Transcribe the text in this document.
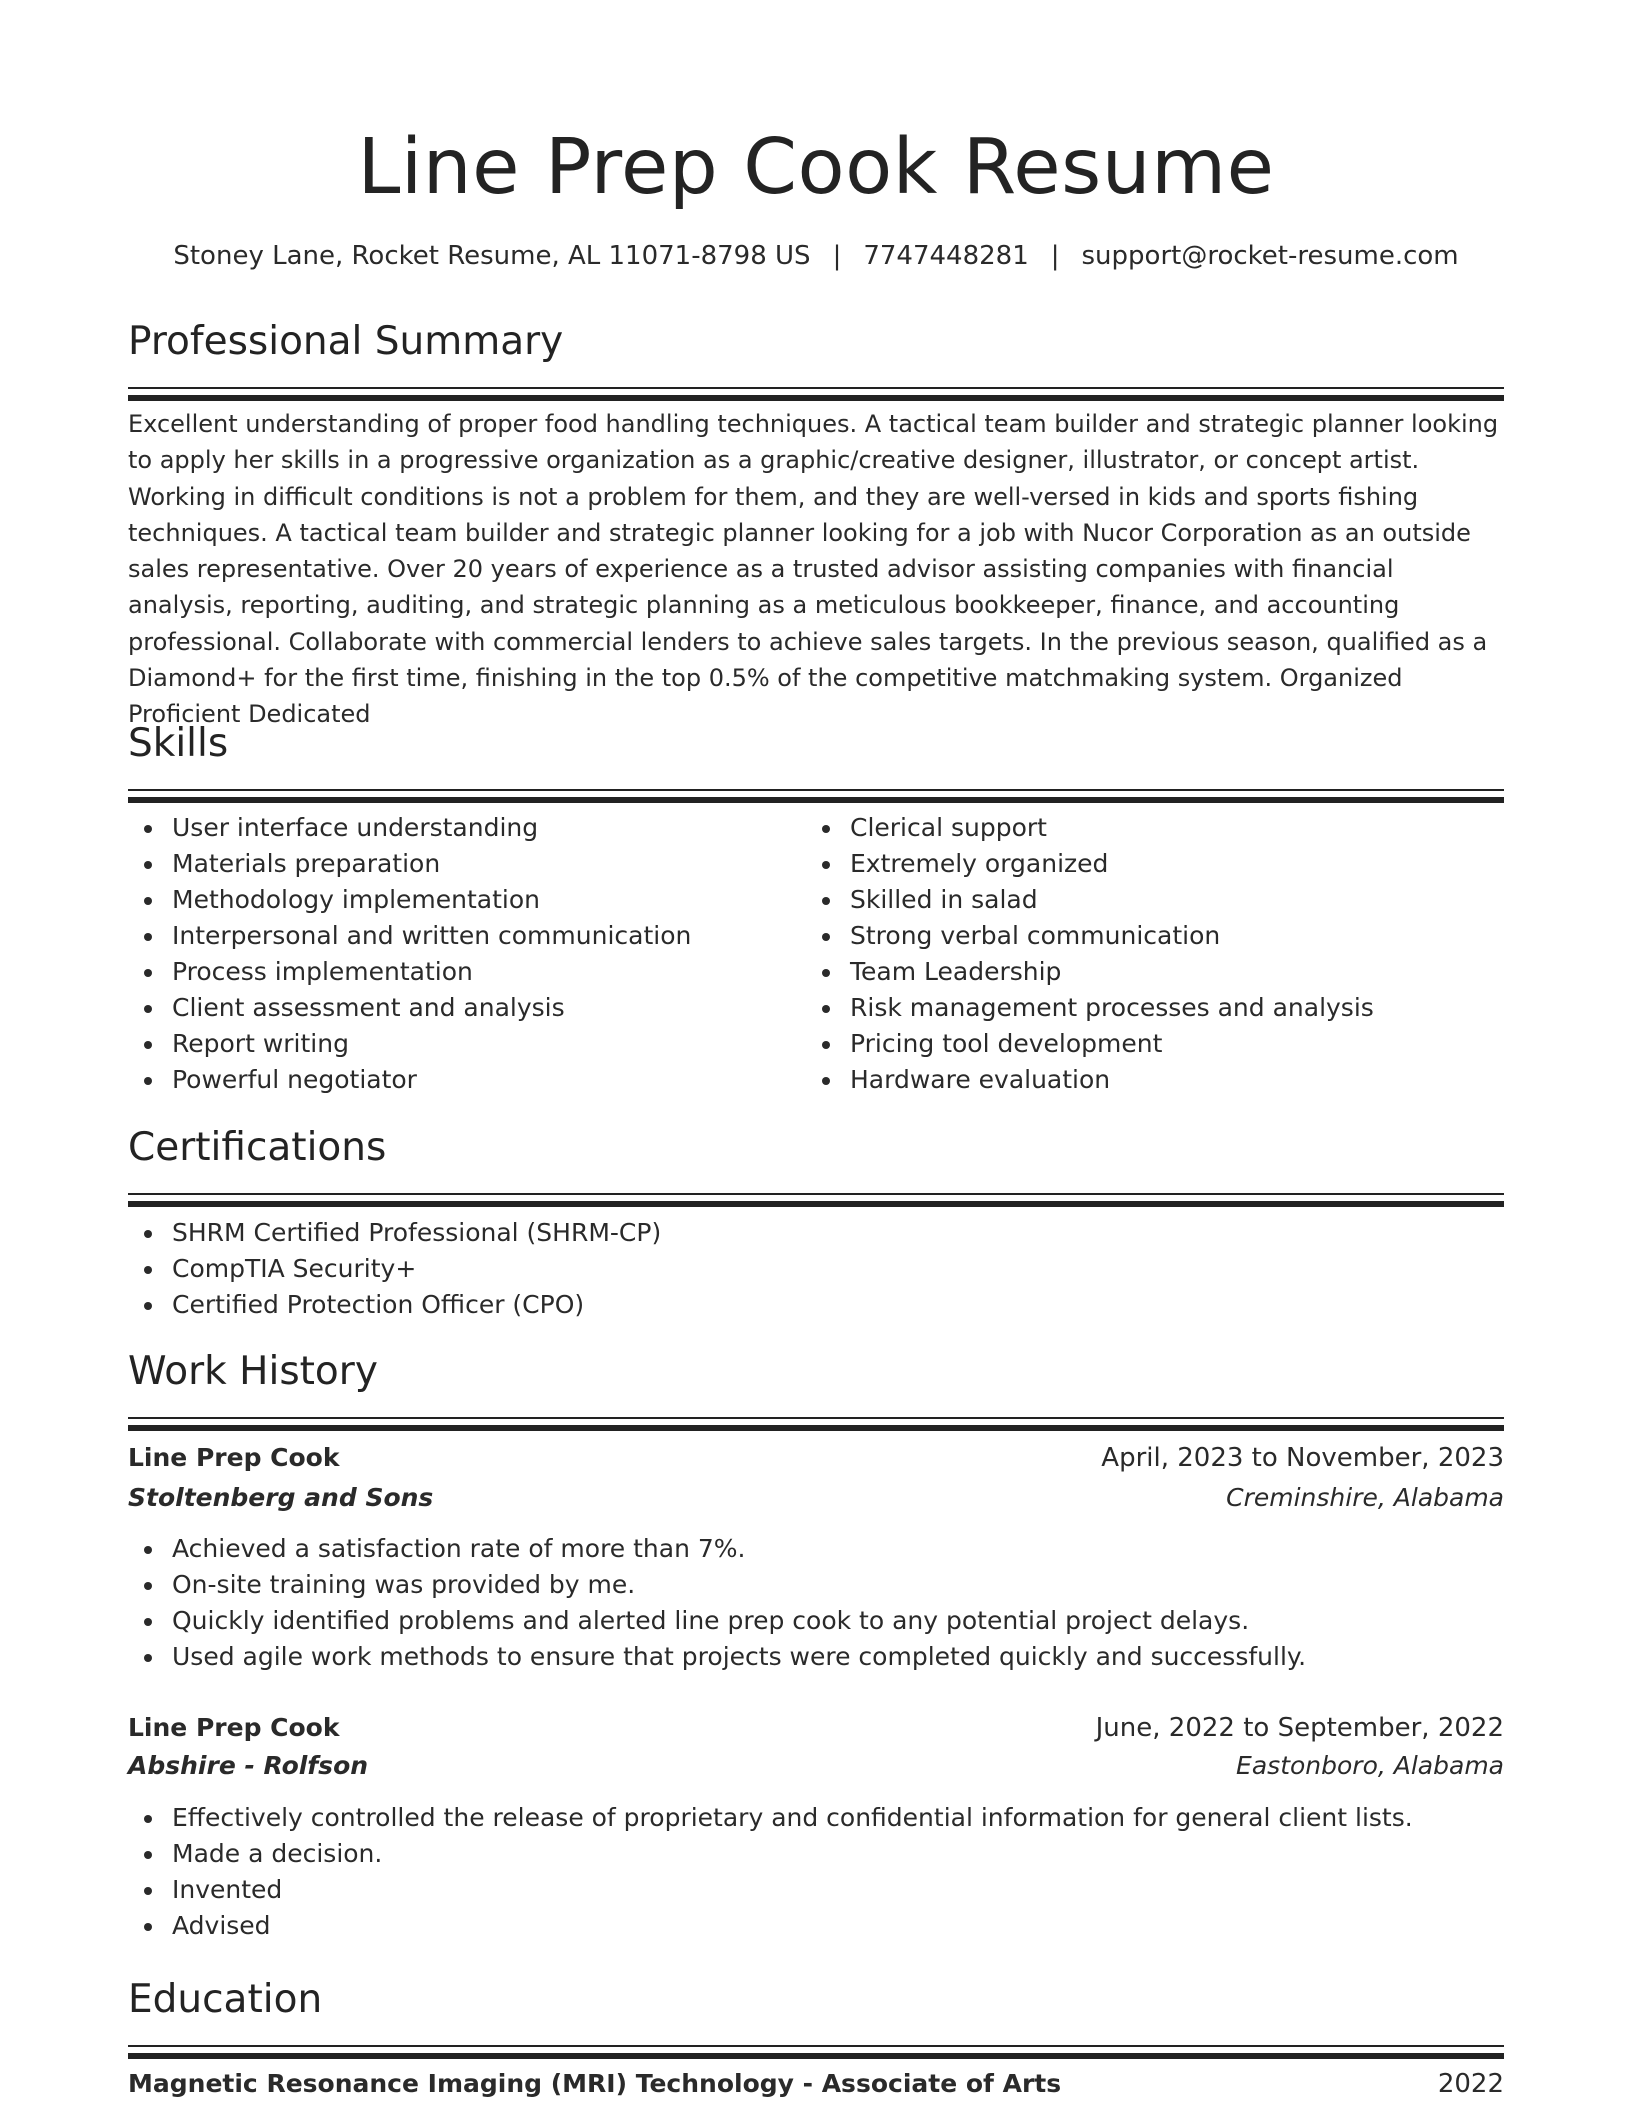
Line Prep Cook Resume
Stoney Lane, Rocket Resume, AL 11071-8798 US | 7747448281 | support@rocket-resume.com
Professional Summary

Excellent understanding of proper food handling techniques. A tactical team builder and strategic planner looking to apply her skills in a progressive organization as a graphic/creative designer, illustrator, or concept artist. Working in difficult conditions is not a problem for them, and they are well-versed in kids and sports fishing techniques. A tactical team builder and strategic planner looking for a job with Nucor Corporation as an outside sales representative. Over 20 years of experience as a trusted advisor assisting companies with financial analysis, reporting, auditing, and strategic planning as a meticulous bookkeeper, finance, and accounting professional. Collaborate with commercial lenders to achieve sales targets. In the previous season, qualified as a Diamond+ for the first time, finishing in the top 0.5% of the competitive matchmaking system. Organized Proficient Dedicated

Skills
User interface understanding
Materials preparation
Methodology implementation
Interpersonal and written communication
Process implementation
Client assessment and analysis
Report writing
Powerful negotiator
Clerical support
Extremely organized
Skilled in salad
Strong verbal communication
Team Leadership
Risk management processes and analysis
Pricing tool development
Hardware evaluation
Certifications
SHRM Certified Professional (SHRM-CP)
CompTIA Security+
Certified Protection Officer (CPO)
Work History
Line Prep Cook	April, 2023 to November, 2023
Stoltenberg and Sons	Creminshire, Alabama
Achieved a satisfaction rate of more than 7%.
On-site training was provided by me.
Quickly identified problems and alerted line prep cook to any potential project delays.
Used agile work methods to ensure that projects were completed quickly and successfully.
Line Prep Cook	June, 2022 to September, 2022
Abshire - Rolfson	Eastonboro, Alabama
Effectively controlled the release of proprietary and confidential information for general client lists.
Made a decision.
Invented
Advised
Education
Magnetic Resonance Imaging (MRI) Technology - Associate of Arts	2022
